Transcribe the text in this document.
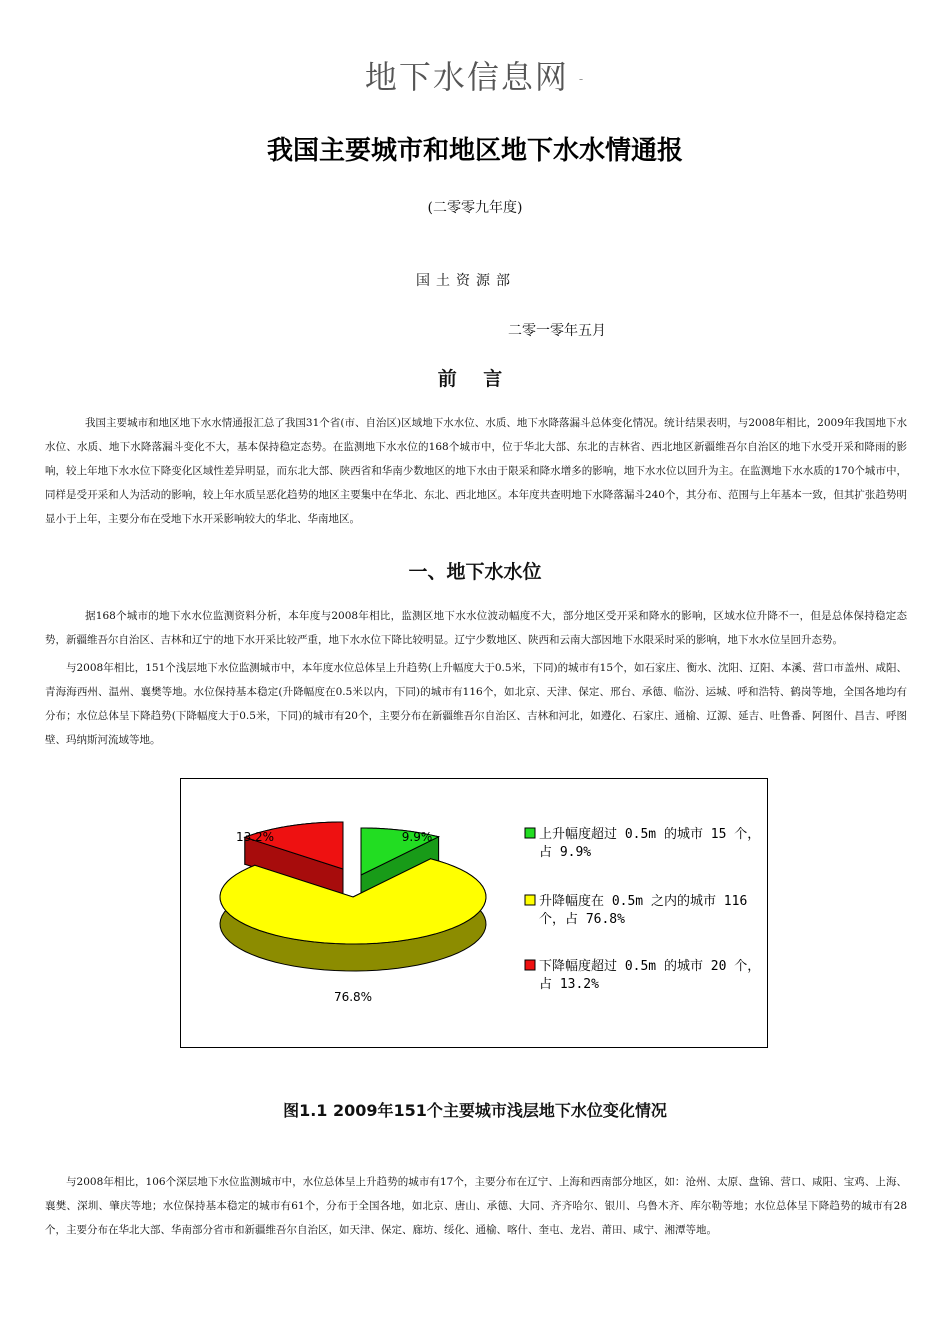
地下水信息网 -
我国主要城市和地区地下水水情通报
(二零零九年度)
国土资源部
二零一零年五月
前 言

我国主要城市和地区地下水水情通报汇总了我国31个省(市、自治区)区域地下水水位、水质、地下水降落漏斗总体变化情况。统计结果表明，与2008年相比，2009年我国地下水水位、水质、地下水降落漏斗变化不大，基本保持稳定态势。在监测地下水水位的168个城市中，位于华北大部、东北的吉林省、西北地区新疆维吾尔自治区的地下水受开采和降雨的影响，较上年地下水水位下降变化区域性差异明显，而东北大部、陕西省和华南少数地区的地下水由于限采和降水增多的影响，地下水水位以回升为主。在监测地下水水质的170个城市中，同样是受开采和人为活动的影响，较上年水质呈恶化趋势的地区主要集中在华北、东北、西北地区。本年度共查明地下水降落漏斗240个，其分布、范围与上年基本一致，但其扩张趋势明显小于上年，主要分布在受地下水开采影响较大的华北、华南地区。

一、地下水水位

据168个城市的地下水水位监测资料分析，本年度与2008年相比，监测区地下水水位波动幅度不大，部分地区受开采和降水的影响，区域水位升降不一，但是总体保持稳定态势，新疆维吾尔自治区、吉林和辽宁的地下水开采比较严重，地下水水位下降比较明显。辽宁少数地区、陕西和云南大部因地下水限采时采的影响，地下水水位呈回升态势。

与2008年相比，151个浅层地下水位监测城市中，本年度水位总体呈上升趋势(上升幅度大于0.5米，下同)的城市有15个，如石家庄、衡水、沈阳、辽阳、本溪、营口市盖州、咸阳、青海海西州、温州、襄樊等地。水位保持基本稳定(升降幅度在0.5米以内，下同)的城市有116个，如北京、天津、保定、邢台、承德、临汾、运城、呼和浩特、鹤岗等地，全国各地均有分布；水位总体呈下降趋势(下降幅度大于0.5米，下同)的城市有20个，主要分布在新疆维吾尔自治区、吉林和河北，如遵化、石家庄、通榆、辽源、延吉、吐鲁番、阿图什、昌吉、呼图壁、玛纳斯河流域等地。

9.9%
76.8%
13.2%	上升幅度超过 0.5m 的城市 15 个，
占 9.9%
升降幅度在 0.5m 之内的城市 116
个，占 76.8%
下降幅度超过 0.5m 的城市 20 个，
占 13.2%
图1.1 2009年151个主要城市浅层地下水位变化情况

与2008年相比，106个深层地下水位监测城市中，水位总体呈上升趋势的城市有17个，主要分布在辽宁、上海和西南部分地区，如：沧州、太原、盘锦、营口、咸阳、宝鸡、上海、襄樊、深圳、肇庆等地；水位保持基本稳定的城市有61个，分布于全国各地，如北京、唐山、承德、大同、齐齐哈尔、银川、乌鲁木齐、库尔勒等地；水位总体呈下降趋势的城市有28个，主要分布在华北大部、华南部分省市和新疆维吾尔自治区，如天津、保定、廊坊、绥化、通榆、喀什、奎屯、龙岩、莆田、咸宁、湘潭等地。
